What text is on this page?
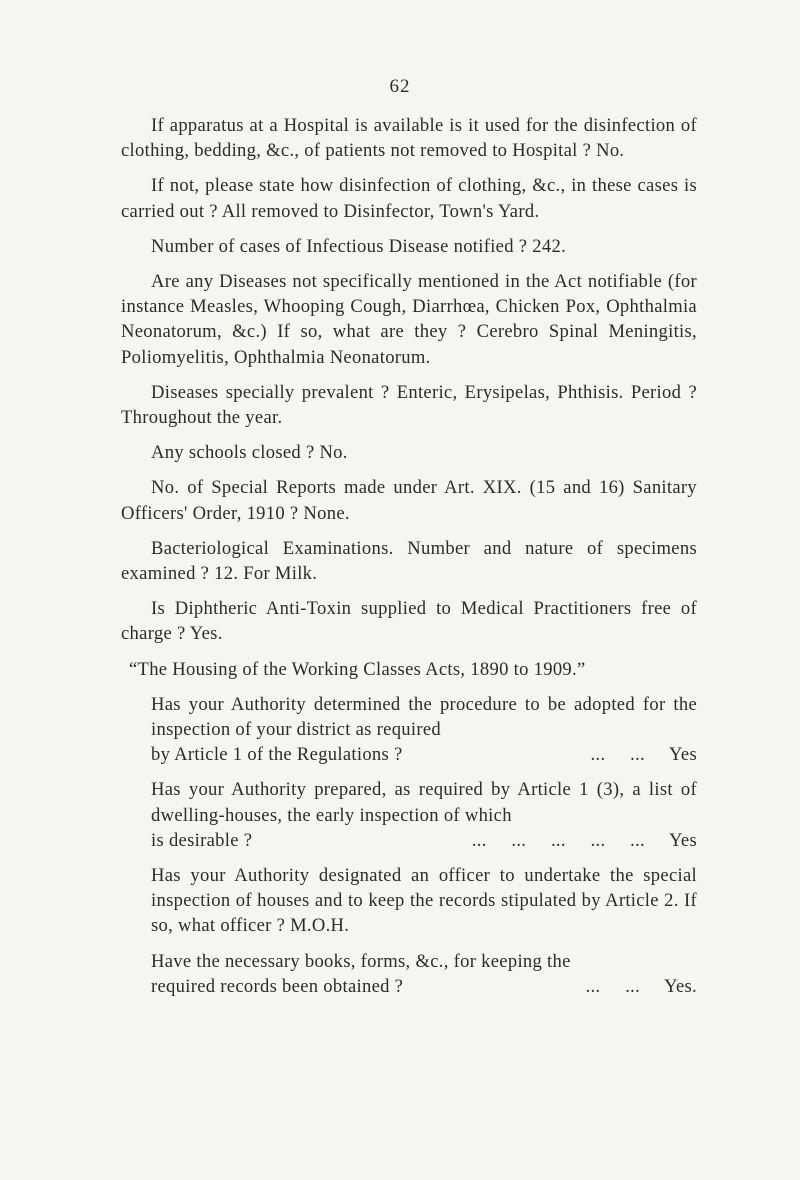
62

If apparatus at a Hospital is available is it used for the disinfection of clothing, bedding, &c., of patients not removed to Hospital ? No.

If not, please state how disinfection of clothing, &c., in these cases is carried out ? All removed to Disinfector, Town's Yard.

Number of cases of Infectious Disease notified ? 242.

Are any Diseases not specifically mentioned in the Act notifiable (for instance Measles, Whooping Cough, Diarrhœa, Chicken Pox, Ophthalmia Neonatorum, &c.) If so, what are they ? Cerebro Spinal Meningitis, Poliomyelitis, Ophthalmia Neonatorum.

Diseases specially prevalent ? Enteric, Erysipelas, Phthisis. Period ? Throughout the year.

Any schools closed ? No.

No. of Special Reports made under Art. XIX. (15 and 16) Sanitary Officers' Order, 1910 ? None.

Bacteriological Examinations. Number and nature of specimens examined ? 12. For Milk.

Is Diphtheric Anti-Toxin supplied to Medical Practitioners free of charge ? Yes.

“The Housing of the Working Classes Acts, 1890 to 1909.”

Has your Authority determined the procedure to be adopted for the inspection of your district as required
by Article 1 of the Regulations ?	...     ...     Yes
Has your Authority prepared, as required by Article 1 (3), a list of dwelling-houses, the early inspection of which
is desirable ?	...     ...     ...     ...     ...     Yes
Has your Authority designated an officer to undertake the special inspection of houses and to keep the records stipulated by Article 2. If so, what officer ? M.O.H.
Have the necessary books, forms, &c., for keeping the
required records been obtained ?	...     ...     Yes.
